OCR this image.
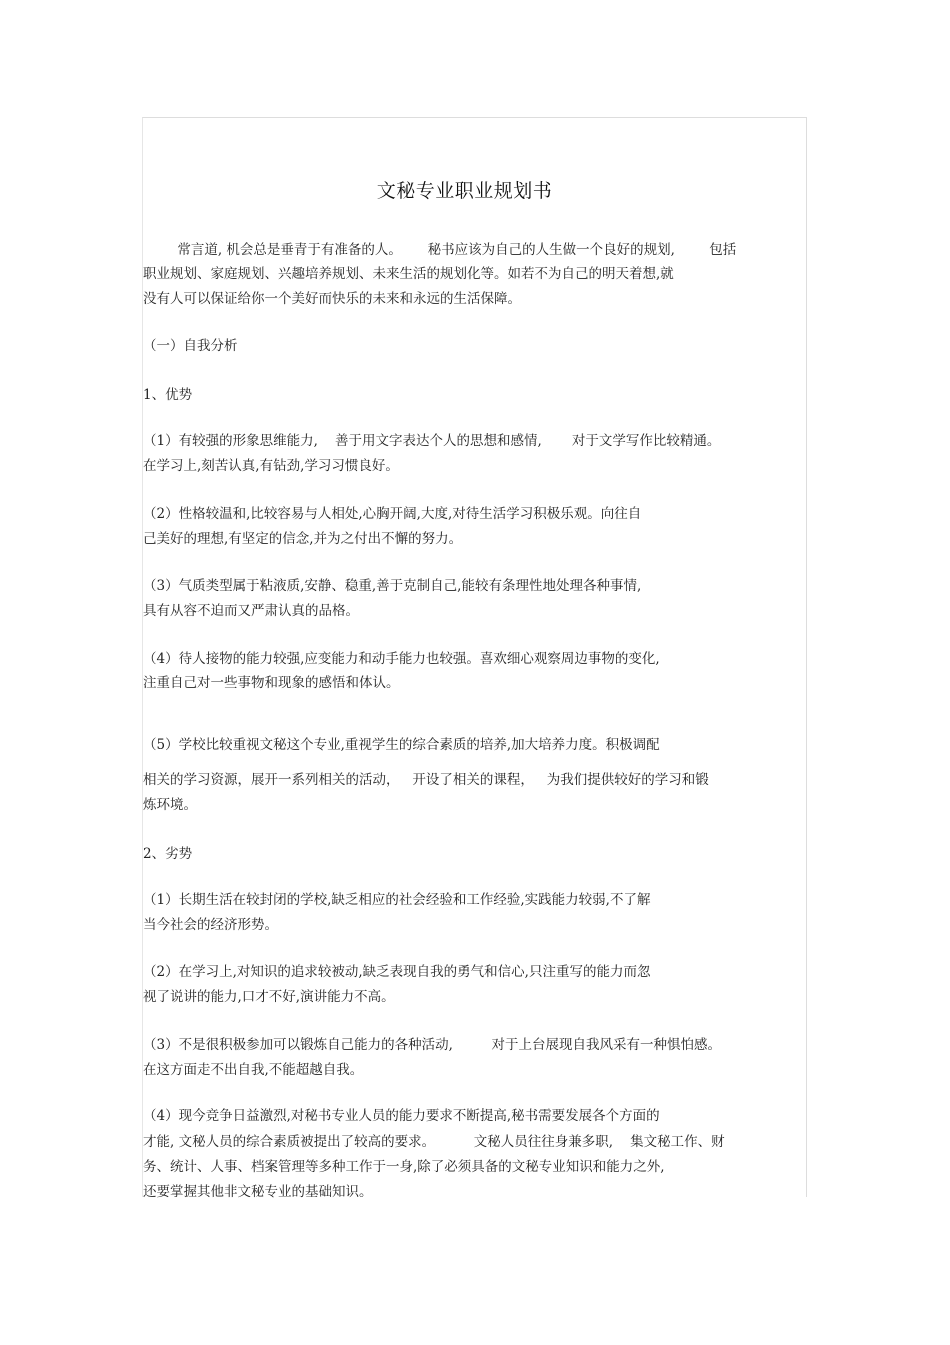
文秘专业职业规划书
常言道, 机会总是垂青于有准备的人。      秘书应该为自己的人生做一个良好的规划,        包括
职业规划、家庭规划、兴趣培养规划、未来生活的规划化等。如若不为自己的明天着想,就
没有人可以保证给你一个美好而快乐的未来和永远的生活保障。
（一）自我分析
1、优势
（1）有较强的形象思维能力,    善于用文字表达个人的思想和感情,       对于文学写作比较精通。
在学习上,刻苦认真,有钻劲,学习习惯良好。
（2）性格较温和,比较容易与人相处,心胸开阔,大度,对待生活学习积极乐观。向往自
己美好的理想,有坚定的信念,并为之付出不懈的努力。
（3）气质类型属于粘液质,安静、稳重,善于克制自己,能较有条理性地处理各种事情,
具有从容不迫而又严肃认真的品格。
（4）待人接物的能力较强,应变能力和动手能力也较强。喜欢细心观察周边事物的变化,
注重自己对一些事物和现象的感悟和体认。
（5）学校比较重视文秘这个专业,重视学生的综合素质的培养,加大培养力度。积极调配
相关的学习资源，展开一系列相关的活动，   开设了相关的课程，   为我们提供较好的学习和锻
炼环境。
2、劣势
（1）长期生活在较封闭的学校,缺乏相应的社会经验和工作经验,实践能力较弱,不了解
当今社会的经济形势。
（2）在学习上,对知识的追求较被动,缺乏表现自我的勇气和信心,只注重写的能力而忽
视了说讲的能力,口才不好,演讲能力不高。
（3）不是很积极参加可以锻炼自己能力的各种活动,         对于上台展现自我风采有一种惧怕感。
在这方面走不出自我,不能超越自我。
（4）现今竞争日益激烈,对秘书专业人员的能力要求不断提高,秘书需要发展各个方面的
才能, 文秘人员的综合素质被提出了较高的要求。         文秘人员往往身兼多职,    集文秘工作、财
务、统计、人事、档案管理等多种工作于一身,除了必须具备的文秘专业知识和能力之外,
还要掌握其他非文秘专业的基础知识。
